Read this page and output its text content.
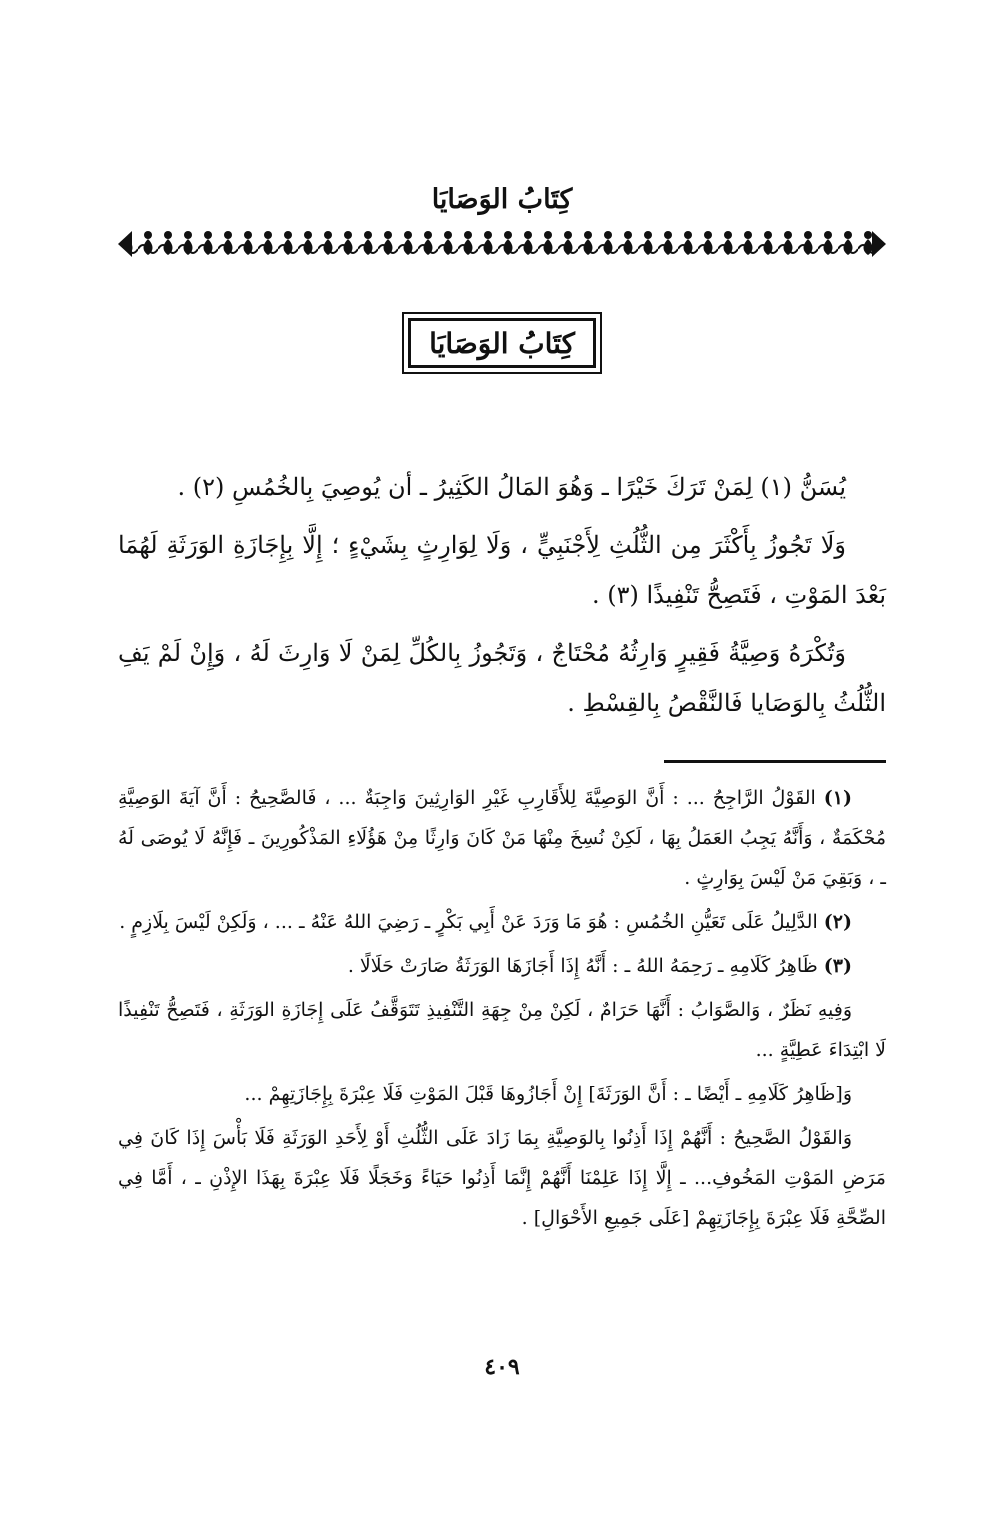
كِتَابُ الوَصَايَا
كِتَابُ الوَصَايَا

يُسَنُّ (١) لِمَنْ تَرَكَ خَيْرًا ـ وَهُوَ المَالُ الكَثِيرُ ـ أن يُوصِيَ بِالخُمُسِ (٢) .

وَلَا تَجُوزُ بِأَكْثَرَ مِن الثُّلُثِ لِأَجْنَبِيٍّ ، وَلَا لِوَارِثٍ بِشَيْءٍ ؛ إِلَّا بِإِجَازَةِ الوَرَثَةِ لَهُمَا بَعْدَ المَوْتِ ، فَتَصِحُّ تَنْفِيذًا (٣) .

وَتُكْرَهُ وَصِيَّةُ فَقِيرٍ وَارِثُهُ مُحْتَاجٌ ، وَتَجُوزُ بِالكُلِّ لِمَنْ لَا وَارِثَ لَهُ ، وَإِنْ لَمْ يَفِ الثُّلُثُ بِالوَصَايا فَالنَّقْصُ بِالقِسْطِ .

(١) القَوْلُ الرَّاجِحُ ... : أَنَّ الوَصِيَّةَ لِلأَقَارِبِ غَيْرِ الوَارِثِينَ وَاجِبَةٌ ... ، فَالصَّحِيحُ : أَنَّ آيَةَ الوَصِيَّةِ مُحْكَمَةٌ ، وَأَنَّهُ يَجِبُ العَمَلُ بِهَا ، لَكِنْ نُسِخَ مِنْهَا مَنْ كَانَ وَارِثًا مِنْ هَؤُلَاءِ المَذْكُورِينَ ـ فَإِنَّهُ لَا يُوصَى لَهُ ـ ، وَبَقِيَ مَنْ لَيْسَ بِوَارِثٍ .

(٢) الدَّلِيلُ عَلَى تَعَيُّنِ الخُمُسِ : هُوَ مَا وَرَدَ عَنْ أَبِي بَكْرٍ ـ رَضِيَ اللهُ عَنْهُ ـ ... ، وَلَكِنْ لَيْسَ بِلَازِمٍ .

(٣) ظَاهِرُ كَلَامِهِ ـ رَحِمَهُ اللهُ ـ : أَنَّهُ إِذَا أَجَازَهَا الوَرَثَةُ صَارَتْ حَلَالًا .

وَفِيهِ نَظَرٌ ، وَالصَّوَابُ : أَنَّهَا حَرَامٌ ، لَكِنْ مِنْ جِهَةِ التَّنْفِيذِ تَتَوَقَّفُ عَلَى إِجَازَةِ الوَرَثَةِ ، فَتَصِحُّ تَنْفِيذًا لَا ابْتِدَاءَ عَطِيَّةٍ ...

وَ[ظَاهِرُ كَلَامِهِ ـ أَيْضًا ـ : أَنَّ الوَرَثَةَ] إِنْ أَجَازُوهَا قَبْلَ المَوْتِ فَلَا عِبْرَةَ بِإِجَازَتِهِمْ ...

وَالقَوْلُ الصَّحِيحُ : أَنَّهُمْ إِذَا أَذِنُوا بِالوَصِيَّةِ بِمَا زَادَ عَلَى الثُّلُثِ أَوْ لِأَحَدِ الوَرَثَةِ فَلَا بَأْسَ إِذَا كَانَ فِي مَرَضِ المَوْتِ المَخُوفِ... ـ إِلَّا إِذَا عَلِمْنَا أَنَّهُمْ إِنَّمَا أَذِنُوا حَيَاءً وَخَجَلًا فَلَا عِبْرَةَ بِهَذَا الإِذْنِ ـ ، أَمَّا فِي الصِّحَّةِ فَلَا عِبْرَةَ بِإِجَازَتِهِمْ [عَلَى جَمِيعِ الأَحْوَالِ] .

٤٠٩
